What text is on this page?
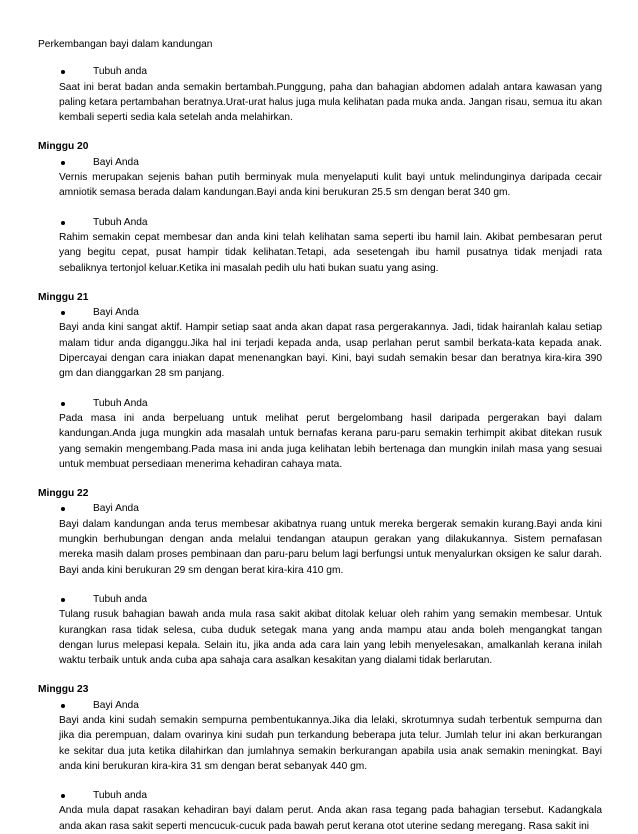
Perkembangan bayi dalam kandungan

Tubuh anda

Saat ini berat badan anda semakin bertambah.Punggung, paha dan bahagian abdomen adalah antara kawasan yang paling ketara pertambahan beratnya.Urat-urat halus juga mula kelihatan pada muka anda. Jangan risau, semua itu akan kembali seperti sedia kala setelah anda melahirkan.

Minggu 20

Bayi Anda

Vernis merupakan sejenis bahan putih berminyak mula menyelaputi kulit bayi untuk melindunginya daripada cecair amniotik semasa berada dalam kandungan.Bayi anda kini berukuran 25.5 sm dengan berat 340 gm.

Tubuh Anda

Rahim semakin cepat membesar dan anda kini telah kelihatan sama seperti ibu hamil lain. Akibat pembesaran perut yang begitu cepat, pusat hampir tidak kelihatan.Tetapi, ada sesetengah ibu hamil pusatnya tidak menjadi rata sebaliknya tertonjol keluar.Ketika ini masalah pedih ulu hati bukan suatu yang asing.

Minggu 21

Bayi Anda

Bayi anda kini sangat aktif. Hampir setiap saat anda akan dapat rasa pergerakannya. Jadi, tidak hairanlah kalau setiap malam tidur anda diganggu.Jika hal ini terjadi kepada anda, usap perlahan perut sambil berkata-kata kepada anak. Dipercayai dengan cara iniakan dapat menenangkan bayi. Kini, bayi sudah semakin besar dan beratnya kira-kira 390 gm dan dianggarkan 28 sm panjang.

Tubuh Anda

Pada masa ini anda berpeluang untuk melihat perut bergelombang hasil daripada pergerakan bayi dalam kandungan.Anda juga mungkin ada masalah untuk bernafas kerana paru-paru semakin terhimpit akibat ditekan rusuk yang semakin mengembang.Pada masa ini anda juga kelihatan lebih bertenaga dan mungkin inilah masa yang sesuai untuk membuat persediaan menerima kehadiran cahaya mata.

Minggu 22

Bayi Anda

Bayi dalam kandungan anda terus membesar akibatnya ruang untuk mereka bergerak semakin kurang.Bayi anda kini mungkin berhubungan dengan anda melalui tendangan ataupun gerakan yang dilakukannya. Sistem pernafasan mereka masih dalam proses pembinaan dan paru-paru belum lagi berfungsi untuk menyalurkan oksigen ke salur darah. Bayi anda kini berukuran 29 sm dengan berat kira-kira 410 gm.

Tubuh anda

Tulang rusuk bahagian bawah anda mula rasa sakit akibat ditolak keluar oleh rahim yang semakin membesar. Untuk kurangkan rasa tidak selesa, cuba duduk setegak mana yang anda mampu atau anda boleh mengangkat tangan dengan lurus melepasi kepala. Selain itu, jika anda ada cara lain yang lebih menyelesakan, amalkanlah kerana inilah waktu terbaik untuk anda cuba apa sahaja cara asalkan kesakitan yang dialami tidak berlarutan.

Minggu 23

Bayi Anda

Bayi anda kini sudah semakin sempurna pembentukannya.Jika dia lelaki, skrotumnya sudah terbentuk sempurna dan jika dia perempuan, dalam ovarinya kini sudah pun terkandung beberapa juta telur. Jumlah telur ini akan berkurangan ke sekitar dua juta ketika dilahirkan dan jumlahnya semakin berkurangan apabila usia anak semakin meningkat. Bayi anda kini berukuran kira-kira 31 sm dengan berat sebanyak 440 gm.

Tubuh anda

Anda mula dapat rasakan kehadiran bayi dalam perut. Anda akan rasa tegang pada bahagian tersebut. Kadangkala anda akan rasa sakit seperti mencucuk-cucuk pada bawah perut kerana otot uterine sedang meregang. Rasa sakit ini
